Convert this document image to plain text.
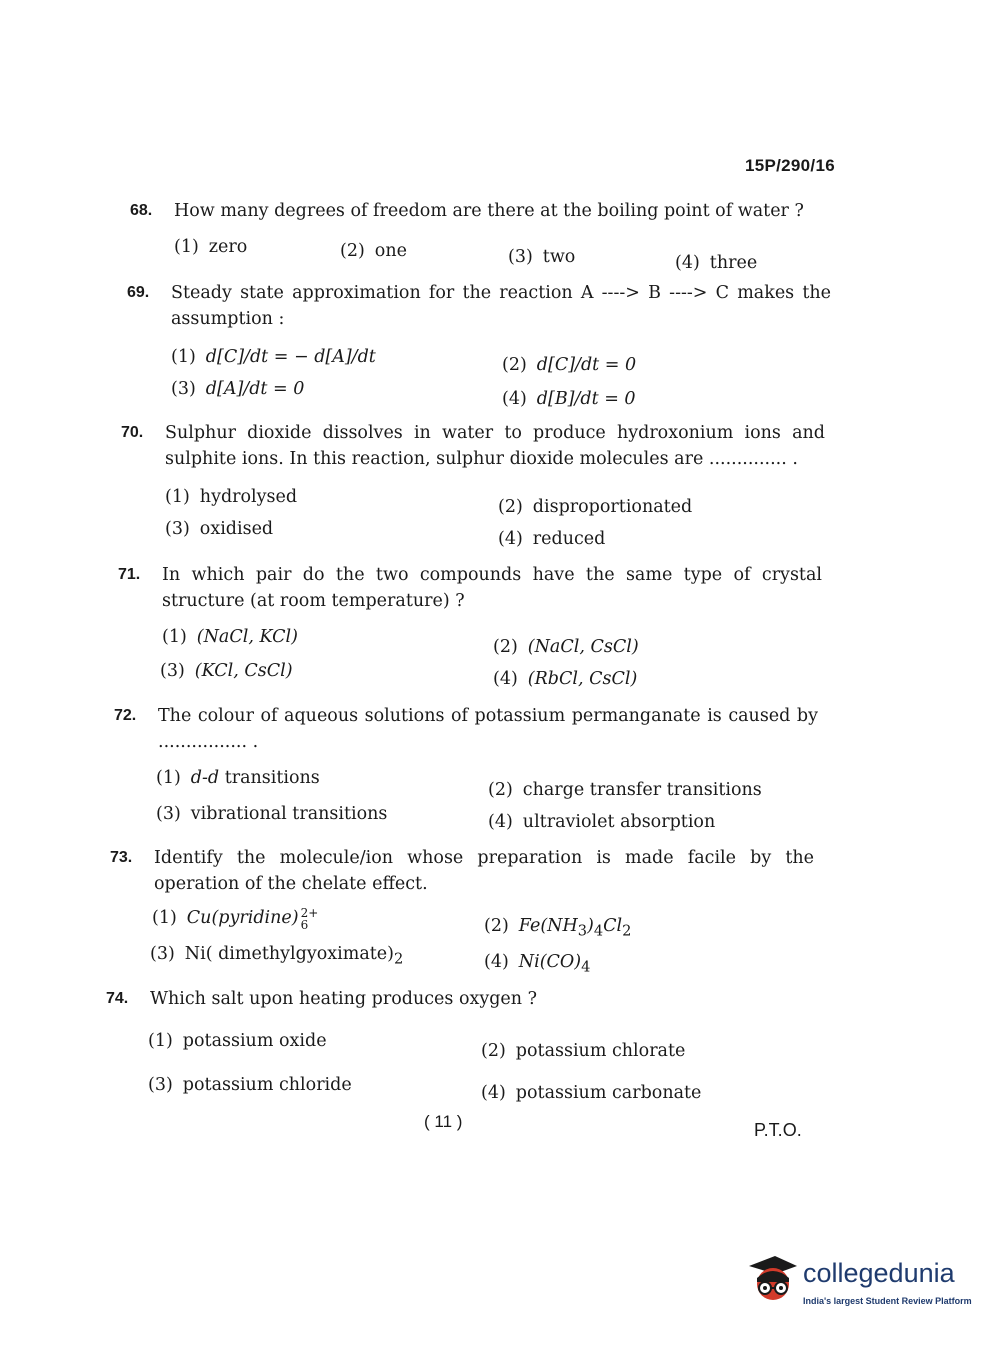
15P/290/16
68. How many degrees of freedom are there at the boiling point of water ?
(1) zero	(2) one	(3) two	(4) three
69. Steady state approximation for the reaction A ----> B ----> C makes the assumption :
(1) d[C]/dt = − d[A]/dt	(2) d[C]/dt = 0
(3) d[A]/dt = 0	(4) d[B]/dt = 0
70. Sulphur dioxide dissolves in water to produce hydroxonium ions and sulphite ions. In this reaction, sulphur dioxide molecules are .............. .
(1) hydrolysed	(2) disproportionated
(3) oxidised	(4) reduced
71. In which pair do the two compounds have the same type of crystal structure (at room temperature) ?
(1) (NaCl, KCl)	(2) (NaCl, CsCl)
(3) (KCl, CsCl)	(4) (RbCl, CsCl)
72. The colour of aqueous solutions of potassium permanganate is caused by ................ .
(1) d-d transitions
(2) charge transfer transitions
(3) vibrational transitions	(4) ultraviolet absorption
73. Identify the molecule/ion whose preparation is made facile by the operation of the chelate effect.
(1) Cu(pyridine) 2+
6	(2) $Fe(NH_3)_4Cl_2$
(3) Ni( $dimethylgyoximate)_2$	(4) $Ni(CO)_4$
74. Which salt upon heating produces oxygen ?
(1) potassium oxide	(2) potassium chlorate
(3) potassium chloride	(4) potassium carbonate
( 11 )	P.T.O.
collegedunia
India's largest Student Review Platform
